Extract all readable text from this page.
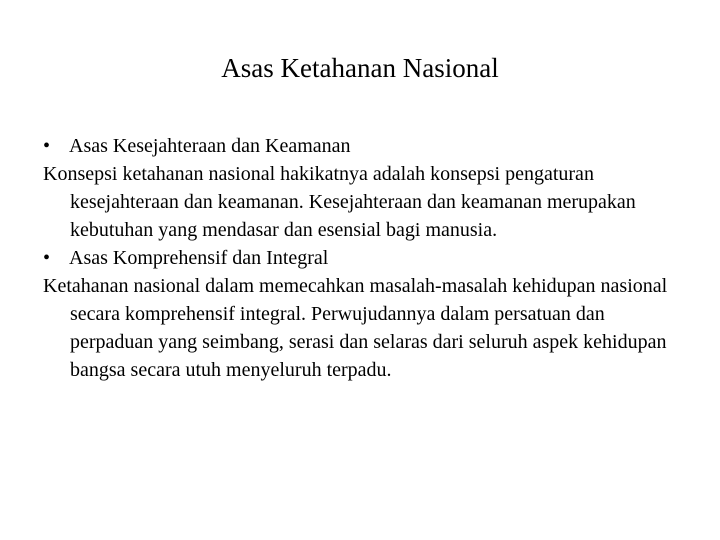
Asas Ketahanan Nasional

• Asas Kesejahteraan dan Keamanan

Konsepsi ketahanan nasional hakikatnya adalah konsepsi pengaturan kesejahteraan dan keamanan. Kesejahteraan dan keamanan merupakan kebutuhan yang mendasar dan esensial bagi manusia.

• Asas Komprehensif dan Integral

Ketahanan nasional dalam memecahkan masalah-masalah kehidupan nasional secara komprehensif integral. Perwujudannya dalam persatuan dan perpaduan yang seimbang, serasi dan selaras dari seluruh aspek kehidupan bangsa secara utuh menyeluruh terpadu.
